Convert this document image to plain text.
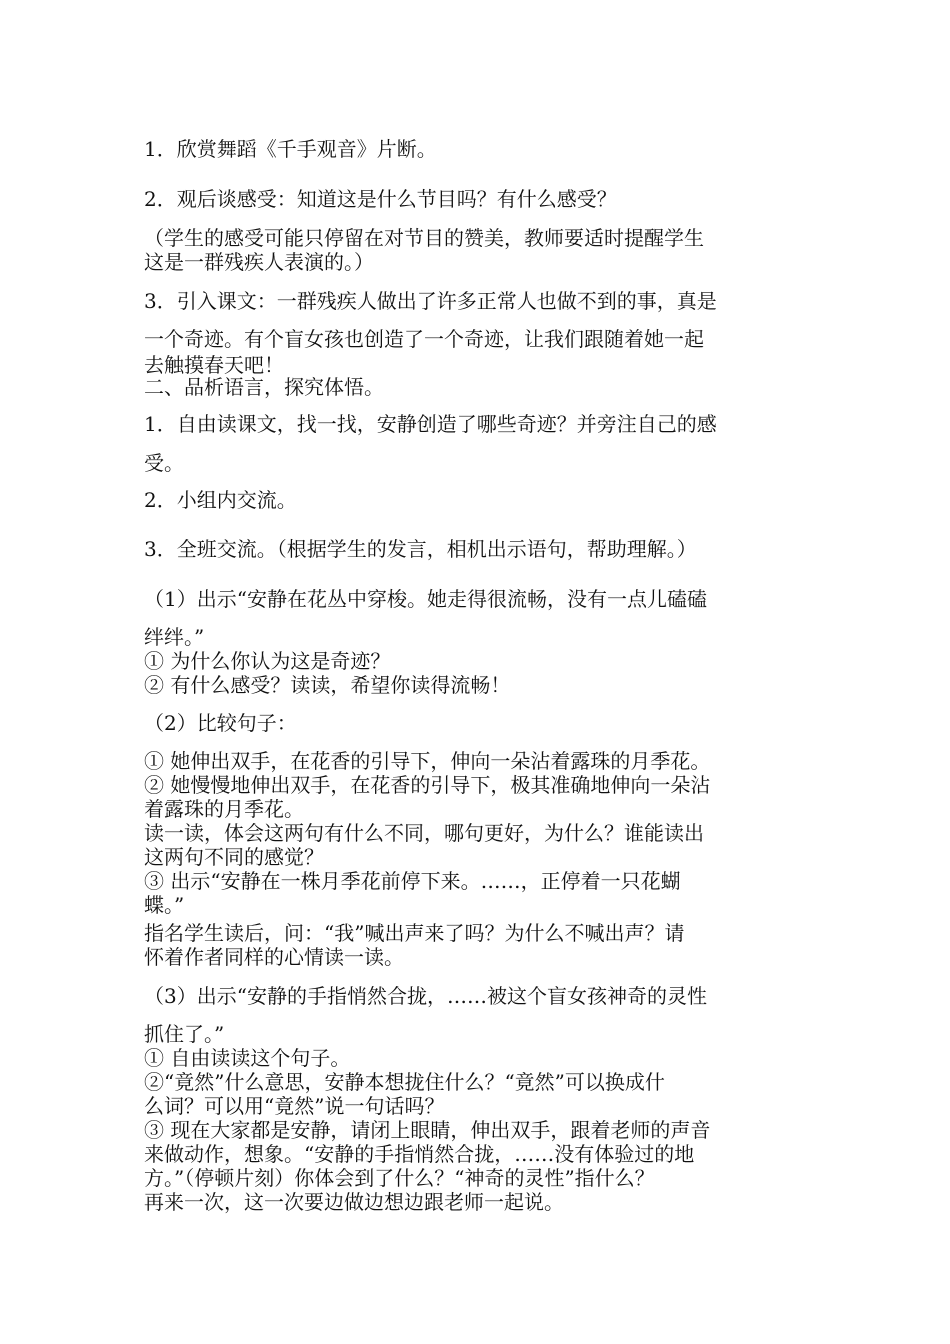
1．欣赏舞蹈《千手观音》片断。

2．观后谈感受：知道这是什么节目吗？有什么感受？

（学生的感受可能只停留在对节目的赞美，教师要适时提醒学生

这是一群残疾人表演的。）

3．引入课文：一群残疾人做出了许多正常人也做不到的事，真是

一个奇迹。有个盲女孩也创造了一个奇迹，让我们跟随着她一起

去触摸春天吧！

二、品析语言，探究体悟。

1．自由读课文，找一找，安静创造了哪些奇迹？并旁注自己的感

受。

2．小组内交流。

3．全班交流。（根据学生的发言，相机出示语句，帮助理解。）

（1）出示“安静在花丛中穿梭。她走得很流畅，没有一点儿磕磕

绊绊。”

① 为什么你认为这是奇迹？

② 有什么感受？读读，希望你读得流畅！

（2）比较句子：

① 她伸出双手，在花香的引导下，伸向一朵沾着露珠的月季花。

② 她慢慢地伸出双手，在花香的引导下，极其准确地伸向一朵沾

着露珠的月季花。

读一读，体会这两句有什么不同，哪句更好，为什么？谁能读出

这两句不同的感觉？

③ 出示“安静在一株月季花前停下来。……，正停着一只花蝴

蝶。”

指名学生读后，问：“我”喊出声来了吗？为什么不喊出声？请

怀着作者同样的心情读一读。

（3）出示“安静的手指悄然合拢，……被这个盲女孩神奇的灵性

抓住了。”

① 自由读读这个句子。

②“竟然”什么意思，安静本想拢住什么？“竟然”可以换成什

么词？可以用“竟然”说一句话吗？

③ 现在大家都是安静，请闭上眼睛，伸出双手，跟着老师的声音

来做动作，想象。“安静的手指悄然合拢，……没有体验过的地

方。”（停顿片刻）你体会到了什么？“神奇的灵性”指什么？

再来一次，这一次要边做边想边跟老师一起说。
